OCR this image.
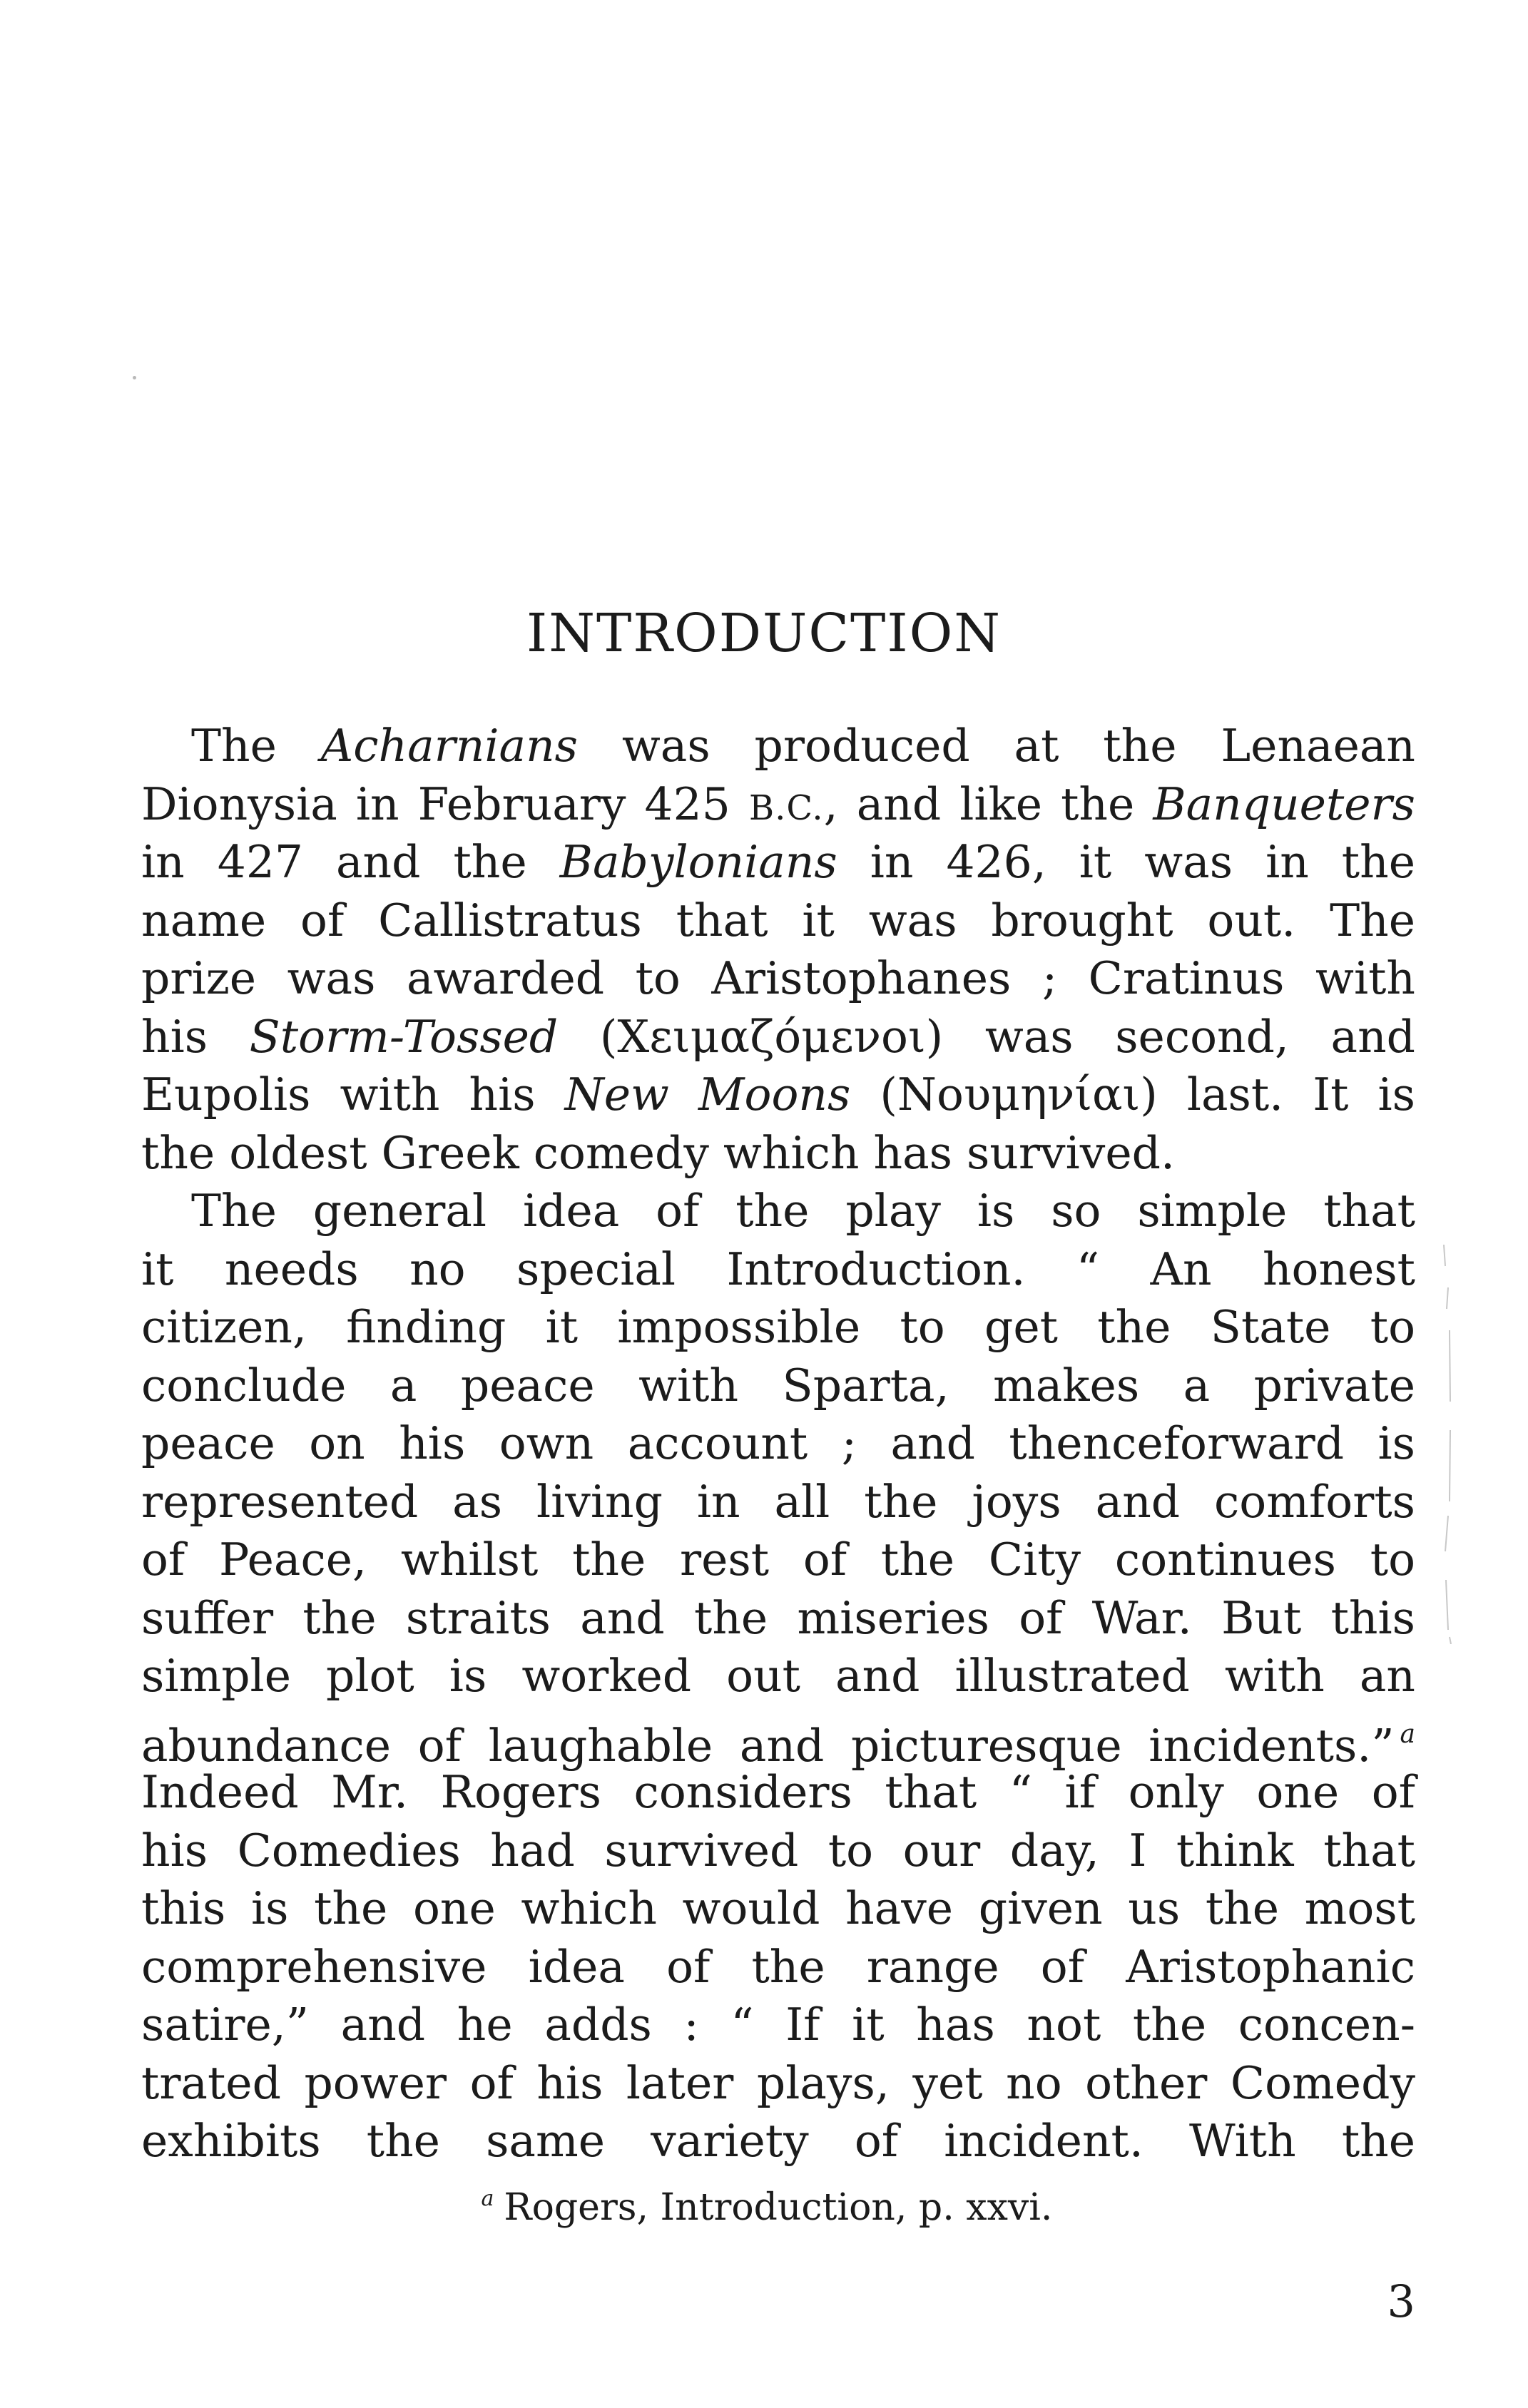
INTRODUCTION
The Acharnians was produced at the Lenaean
Dionysia in February 425 B.C., and like the Banqueters
in 427 and the Babylonians in 426, it was in the
name of Callistratus that it was brought out. The
prize was awarded to Aristophanes ; Cratinus with
his Storm-Tossed (Χειμαζόμενοι) was second, and
Eupolis with his New Moons (Νουμηνίαι) last. It is
the oldest Greek comedy which has survived.
The general idea of the play is so simple that
it needs no special Introduction. “ An honest
citizen, finding it impossible to get the State to
conclude a peace with Sparta, makes a private
peace on his own account ; and thenceforward is
represented as living in all the joys and comforts
of Peace, whilst the rest of the City continues to
suffer the straits and the miseries of War. But this
simple plot is worked out and illustrated with an
abundance of laughable and picturesque incidents.” $^a$
Indeed Mr. Rogers considers that “ if only one of
his Comedies had survived to our day, I think that
this is the one which would have given us the most
comprehensive idea of the range of Aristophanic
satire,” and he adds : “ If it has not the concen-
trated power of his later plays, yet no other Comedy
exhibits the same variety of incident. With the
$^a$ Rogers, Introduction, p. xxvi.
3
